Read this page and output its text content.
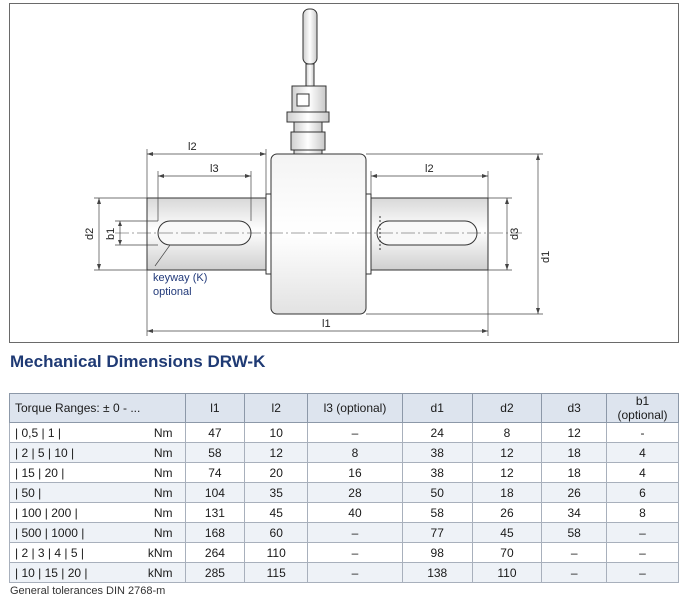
l2
l3	l2
l1
d2 b1	d3
d1
keyway (K)
optional
Mechanical Dimensions DRW-K
Torque Ranges: ± 0 - ...		l1	l2	l3 (optional)	d1	d2	d3	b1 (optional)
| 0,5 | 1 |	Nm	47	10	–	24	8	12	-
| 2 | 5 | 10 |	Nm	58	12	8	38	12	18	4
| 15 | 20 |	Nm	74	20	16	38	12	18	4
| 50 |	Nm	104	35	28	50	18	26	6
| 100 | 200 |	Nm	131	45	40	58	26	34	8
| 500 | 1000 |	Nm	168	60	–	77	45	58	–
| 2 | 3 | 4 | 5 |	kNm	264	110	–	98	70	–	–
| 10 | 15 | 20 |	kNm	285	115	–	138	110	–	–
General tolerances DIN 2768-m
